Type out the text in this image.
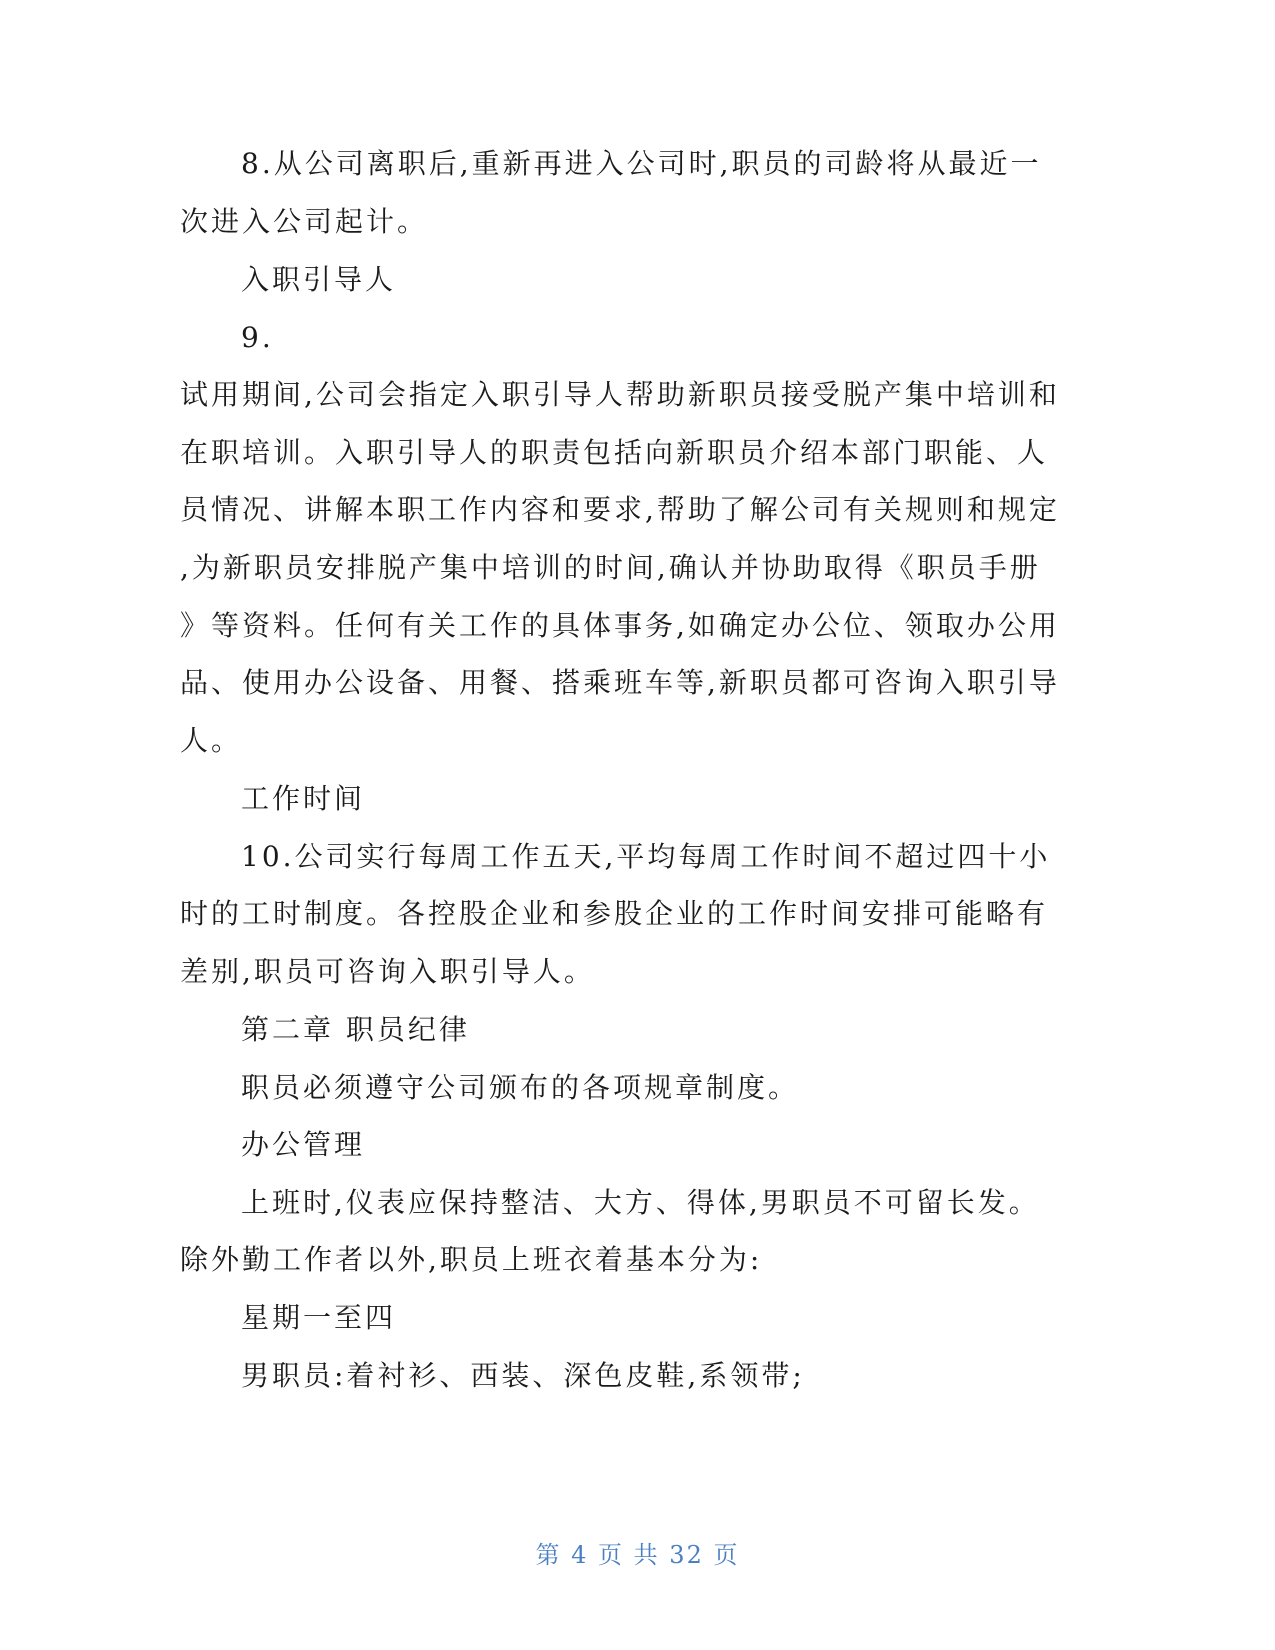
8.从公司离职后,重新再进入公司时,职员的司龄将从最近一
次进入公司起计。
入职引导人
9.
试用期间,公司会指定入职引导人帮助新职员接受脱产集中培训和
在职培训。入职引导人的职责包括向新职员介绍本部门职能、人
员情况、讲解本职工作内容和要求,帮助了解公司有关规则和规定
,为新职员安排脱产集中培训的时间,确认并协助取得《职员手册
》等资料。任何有关工作的具体事务,如确定办公位、领取办公用
品、使用办公设备、用餐、搭乘班车等,新职员都可咨询入职引导
人。
工作时间
10.公司实行每周工作五天,平均每周工作时间不超过四十小
时的工时制度。各控股企业和参股企业的工作时间安排可能略有
差别,职员可咨询入职引导人。
第二章 职员纪律
职员必须遵守公司颁布的各项规章制度。
办公管理
上班时,仪表应保持整洁、大方、得体,男职员不可留长发。
除外勤工作者以外,职员上班衣着基本分为:
星期一至四
男职员:着衬衫、西装、深色皮鞋,系领带;
第 4 页 共 32 页
